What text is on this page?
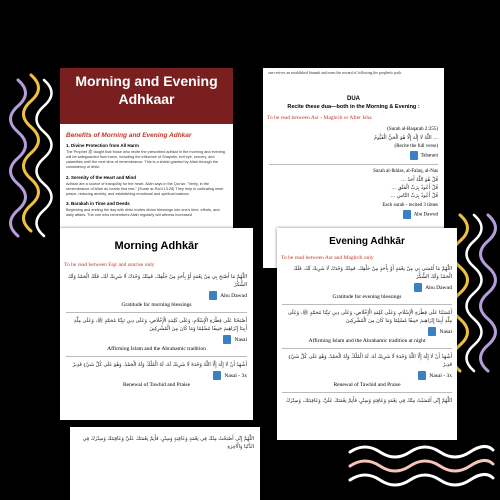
Morning and Evening
Adhkaar
Benefits of Morning and Evening Adhkar
1. Divine Protection from All Harm
The Prophet ﷺ taught that those who recite the prescribed adhkar in the morning and evening will be safeguarded from harm, including the influence of Shayatin, evil eye, sorcery, and calamities until the next time of remembrance. This is a shield granted by Allah through the consistency of dhikr.
2. Serenity of the Heart and Mind
Adhkar are a source of tranquility for the heart. Allah says in the Qur'an: "Verily, in the remembrance of Allah do hearts find rest." (Surah ar-Ra'd 13:28) They help in cultivating inner peace, reducing anxiety, and establishing emotional and spiritual balance.
3. Barakah in Time and Deeds
Beginning and ending the day with dhikr invites divine blessings into one's time, efforts, and daily affairs. The one who remembers Allah regularly will witness increased
one revives an established Sunnah and earns the reward of following the prophetic path.
DUA
Recite these dua—both in the Morning & Evening :
To be read between Asr - Maghrib or After Isha
(Surah al-Baqarah 2:255)
... اللَّهُ لَا إِلَٰهَ إِلَّا هُوَ الْحَيُّ الْقَيُّومُ
(Recite the full verse)
Tabarani
Surah al-Ikhlas, al-Falaq, al-Nas
قُلْ هُوَ اللَّهُ أَحَدٌ ...
قُلْ أَعُوذُ بِرَبِّ الْفَلَقِ ...
قُلْ أَعُوذُ بِرَبِّ النَّاسِ ...
Each surah - recited 3 times
Abu Dawud
Morning Adhkār
To be read between Fajr and sunrise only
اللَّهُمَّ مَا أَصْبَحَ بِي مِنْ نِعْمَةٍ أَوْ بِأَحَدٍ مِنْ خَلْقِكَ، فَمِنْكَ وَحْدَكَ لَا شَرِيكَ لَكَ، فَلَكَ الْحَمْدُ وَلَكَ الشُّكْرُ
Abu Dawud
Gratitude for morning blessings
أَصْبَحْنَا عَلَى فِطْرَةِ الْإِسْلَامِ، وَعَلَى كَلِمَةِ الْإِخْلَاصِ، وَعَلَى دِينِ نَبِيِّنَا مُحَمَّدٍ ﷺ، وَعَلَى مِلَّةِ أَبِينَا إِبْرَاهِيمَ حَنِيفًا مُسْلِمًا وَمَا كَانَ مِنَ الْمُشْرِكِينَ
Nasai
Affirming Islam and the Abrahamic tradition
أَشْهَدُ أَنْ لَا إِلَٰهَ إِلَّا اللَّهُ وَحْدَهُ لَا شَرِيكَ لَهُ، لَهُ الْمُلْكُ وَلَهُ الْحَمْدُ، وَهُوَ عَلَى كُلِّ شَيْءٍ قَدِيرٌ
Nasai - 3x
Renewal of Tawhid and Praise
Evening Adhkār
To be read between Asr and Maghrib only
اللَّهُمَّ مَا أَمْسَى بِي مِنْ نِعْمَةٍ أَوْ بِأَحَدٍ مِنْ خَلْقِكَ، فَمِنْكَ وَحْدَكَ لَا شَرِيكَ لَكَ، فَلَكَ الْحَمْدُ وَلَكَ الشُّكْرُ
Abu Dawud
Gratitude for evening blessings
أَمْسَيْنَا عَلَى فِطْرَةِ الْإِسْلَامِ، وَعَلَى كَلِمَةِ الْإِخْلَاصِ، وَعَلَى دِينِ نَبِيِّنَا مُحَمَّدٍ ﷺ، وَعَلَى مِلَّةِ أَبِينَا إِبْرَاهِيمَ حَنِيفًا مُسْلِمًا وَمَا كَانَ مِنَ الْمُشْرِكِينَ
Nasai
Affirming Islam and the Abrahamic tradition at night
أَشْهَدُ أَنْ لَا إِلَٰهَ إِلَّا اللَّهُ وَحْدَهُ لَا شَرِيكَ لَهُ، لَهُ الْمُلْكُ وَلَهُ الْحَمْدُ، وَهُوَ عَلَى كُلِّ شَيْءٍ قَدِيرٌ
Nasai - 3x
Renewal of Tawhid and Praise
اللَّهُمَّ إِنِّي أَمْسَيْتُ مِنْكَ فِي نِعْمَةٍ وَعَافِيَةٍ وَسِتْرٍ، فَأَتِمَّ نِعْمَتَكَ عَلَيَّ، وَعَافِيَتَكَ، وَسِتْرَكَ
اللَّهُمَّ إِنِّي أَصْبَحْتُ مِنْكَ فِي نِعْمَةٍ وَعَافِيَةٍ وَسِتْرٍ، فَأَتِمَّ نِعْمَتَكَ عَلَيَّ وَعَافِيَتَكَ وَسِتْرَكَ فِي الدُّنْيَا وَالْآخِرَةِ
